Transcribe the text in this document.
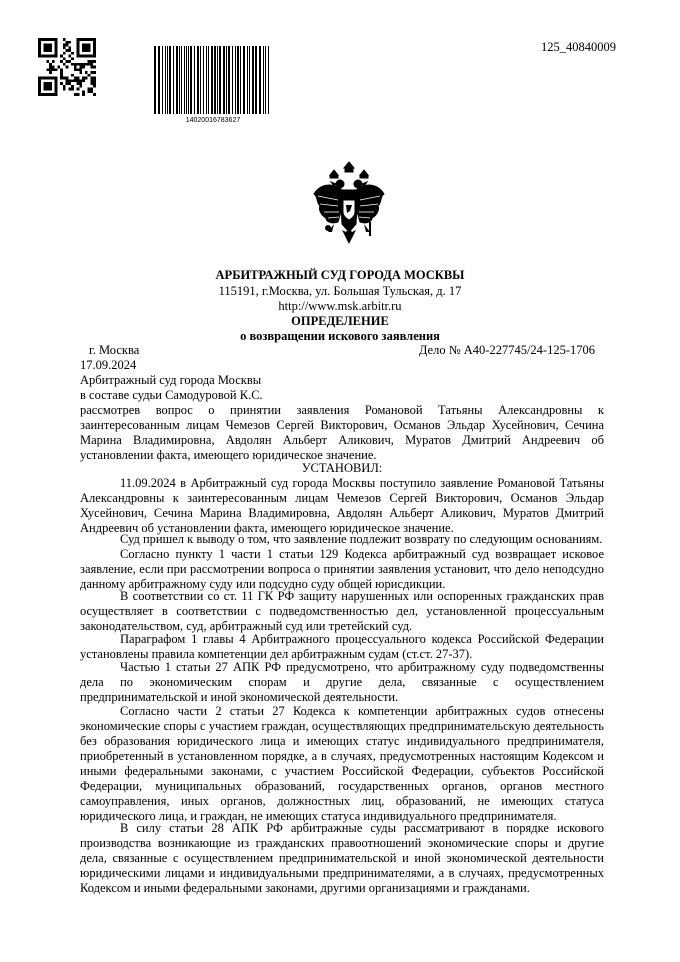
14020016783627
125_40840009
АРБИТРАЖНЫЙ СУД ГОРОДА МОСКВЫ
115191, г.Москва, ул. Большая Тульская, д. 17
http://www.msk.arbitr.ru
ОПРЕДЕЛЕНИЕ
о возвращении искового заявления
г. Москва	Дело № А40-227745/24-125-1706
17.09.2024
Арбитражный суд города Москвы
в составе судьи Самодуровой К.С.
рассмотрев вопрос о принятии заявления Романовой Татьяны Александровны к заинтересованным лицам Чемезов Сергей Викторович, Османов Эльдар Хусейнович, Сечина Марина Владимировна, Авдолян Альберт Аликович, Муратов Дмитрий Андреевич об установлении факта, имеющего юридическое значение.
УСТАНОВИЛ:
11.09.2024 в Арбитражный суд города Москвы поступило заявление Романовой Татьяны Александровны к заинтересованным лицам Чемезов Сергей Викторович, Османов Эльдар Хусейнович, Сечина Марина Владимировна, Авдолян Альберт Аликович, Муратов Дмитрий Андреевич об установлении факта, имеющего юридическое значение.
Суд пришел к выводу о том, что заявление подлежит возврату по следующим основаниям.
Согласно пункту 1 части 1 статьи 129 Кодекса арбитражный суд возвращает исковое заявление, если при рассмотрении вопроса о принятии заявления установит, что дело неподсудно данному арбитражному суду или подсудно суду общей юрисдикции.
В соответствии со ст. 11 ГК РФ защиту нарушенных или оспоренных гражданских прав осуществляет в соответствии с подведомственностью дел, установленной процессуальным законодательством, суд, арбитражный суд или третейский суд.
Параграфом 1 главы 4 Арбитражного процессуального кодекса Российской Федерации установлены правила компетенции дел арбитражным судам (ст.ст. 27-37).
Частью 1 статьи 27 АПК РФ предусмотрено, что арбитражному суду подведомственны дела по экономическим спорам и другие дела, связанные с осуществлением предпринимательской и иной экономической деятельности.
Согласно части 2 статьи 27 Кодекса к компетенции арбитражных судов отнесены экономические споры с участием граждан, осуществляющих предпринимательскую деятельность без образования юридического лица и имеющих статус индивидуального предпринимателя, приобретенный в установленном порядке, а в случаях, предусмотренных настоящим Кодексом и иными федеральными законами, с участием Российской Федерации, субъектов Российской Федерации, муниципальных образований, государственных органов, органов местного самоуправления, иных органов, должностных лиц, образований, не имеющих статуса юридического лица, и граждан, не имеющих статуса индивидуального предпринимателя.
В силу статьи 28 АПК РФ арбитражные суды рассматривают в порядке искового производства возникающие из гражданских правоотношений экономические споры и другие дела, связанные с осуществлением предпринимательской и иной экономической деятельности юридическими лицами и индивидуальными предпринимателями, а в случаях, предусмотренных Кодексом и иными федеральными законами, другими организациями и гражданами.
